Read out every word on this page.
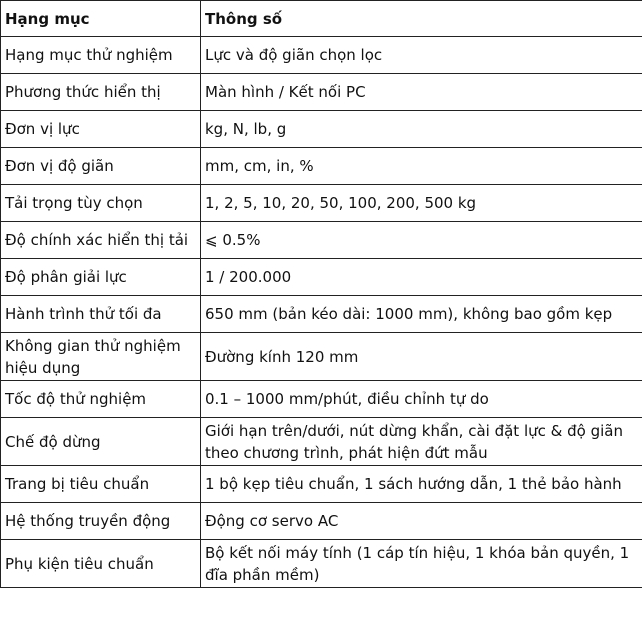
Hạng mục	Thông số
Hạng mục thử nghiệm	Lực và độ giãn chọn lọc
Phương thức hiển thị	Màn hình / Kết nối PC
Đơn vị lực	kg, N, lb, g
Đơn vị độ giãn	mm, cm, in, %
Tải trọng tùy chọn	1, 2, 5, 10, 20, 50, 100, 200, 500 kg
Độ chính xác hiển thị tải	⩽ 0.5%
Độ phân giải lực	1 / 200.000
Hành trình thử tối đa	650 mm (bản kéo dài: 1000 mm), không bao gồm kẹp
Không gian thử nghiệm hiệu dụng	Đường kính 120 mm
Tốc độ thử nghiệm	0.1 – 1000 mm/phút, điều chỉnh tự do
Chế độ dừng	Giới hạn trên/dưới, nút dừng khẩn, cài đặt lực & độ giãn theo chương trình, phát hiện đứt mẫu
Trang bị tiêu chuẩn	1 bộ kẹp tiêu chuẩn, 1 sách hướng dẫn, 1 thẻ bảo hành
Hệ thống truyền động	Động cơ servo AC
Phụ kiện tiêu chuẩn	Bộ kết nối máy tính (1 cáp tín hiệu, 1 khóa bản quyền, 1 đĩa phần mềm)
